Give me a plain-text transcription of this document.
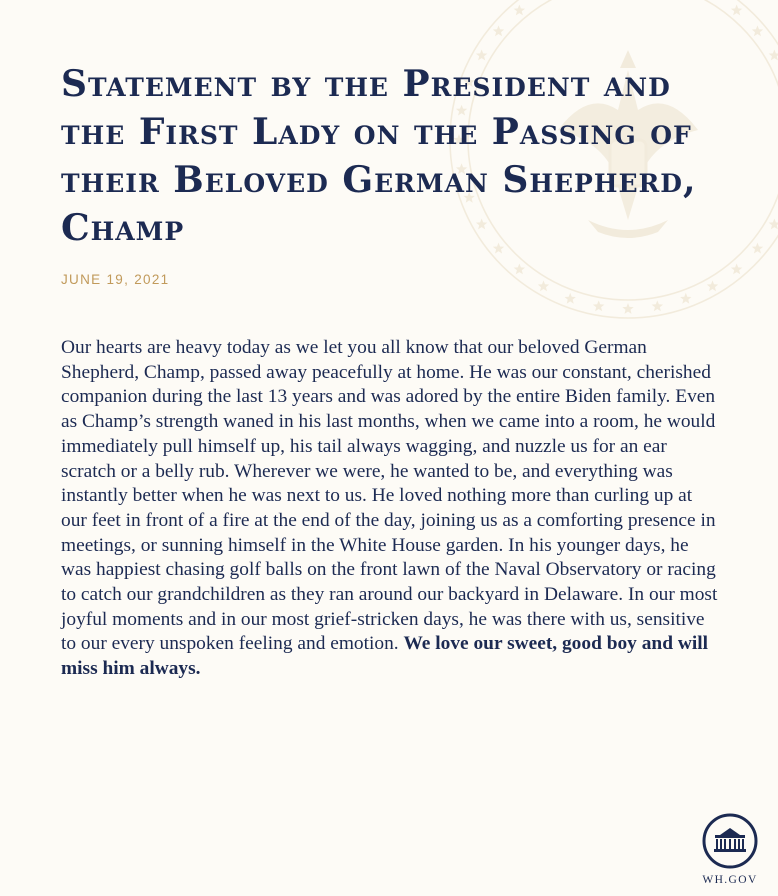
Statement by the President and the First Lady on the Passing of their Beloved German Shepherd, Champ
JUNE 19, 2021

Our hearts are heavy today as we let you all know that our beloved German Shepherd, Champ, passed away peacefully at home. He was our constant, cherished companion during the last 13 years and was adored by the entire Biden family. Even as Champ’s strength waned in his last months, when we came into a room, he would immediately pull himself up, his tail always wagging, and nuzzle us for an ear scratch or a belly rub. Wherever we were, he wanted to be, and everything was instantly better when he was next to us. He loved nothing more than curling up at our feet in front of a fire at the end of the day, joining us as a comforting presence in meetings, or sunning himself in the White House garden. In his younger days, he was happiest chasing golf balls on the front lawn of the Naval Observatory or racing to catch our grandchildren as they ran around our backyard in Delaware. In our most joyful moments and in our most grief-stricken days, he was there with us, sensitive to our every unspoken feeling and emotion. We love our sweet, good boy and will miss him always.

WH.GOV
